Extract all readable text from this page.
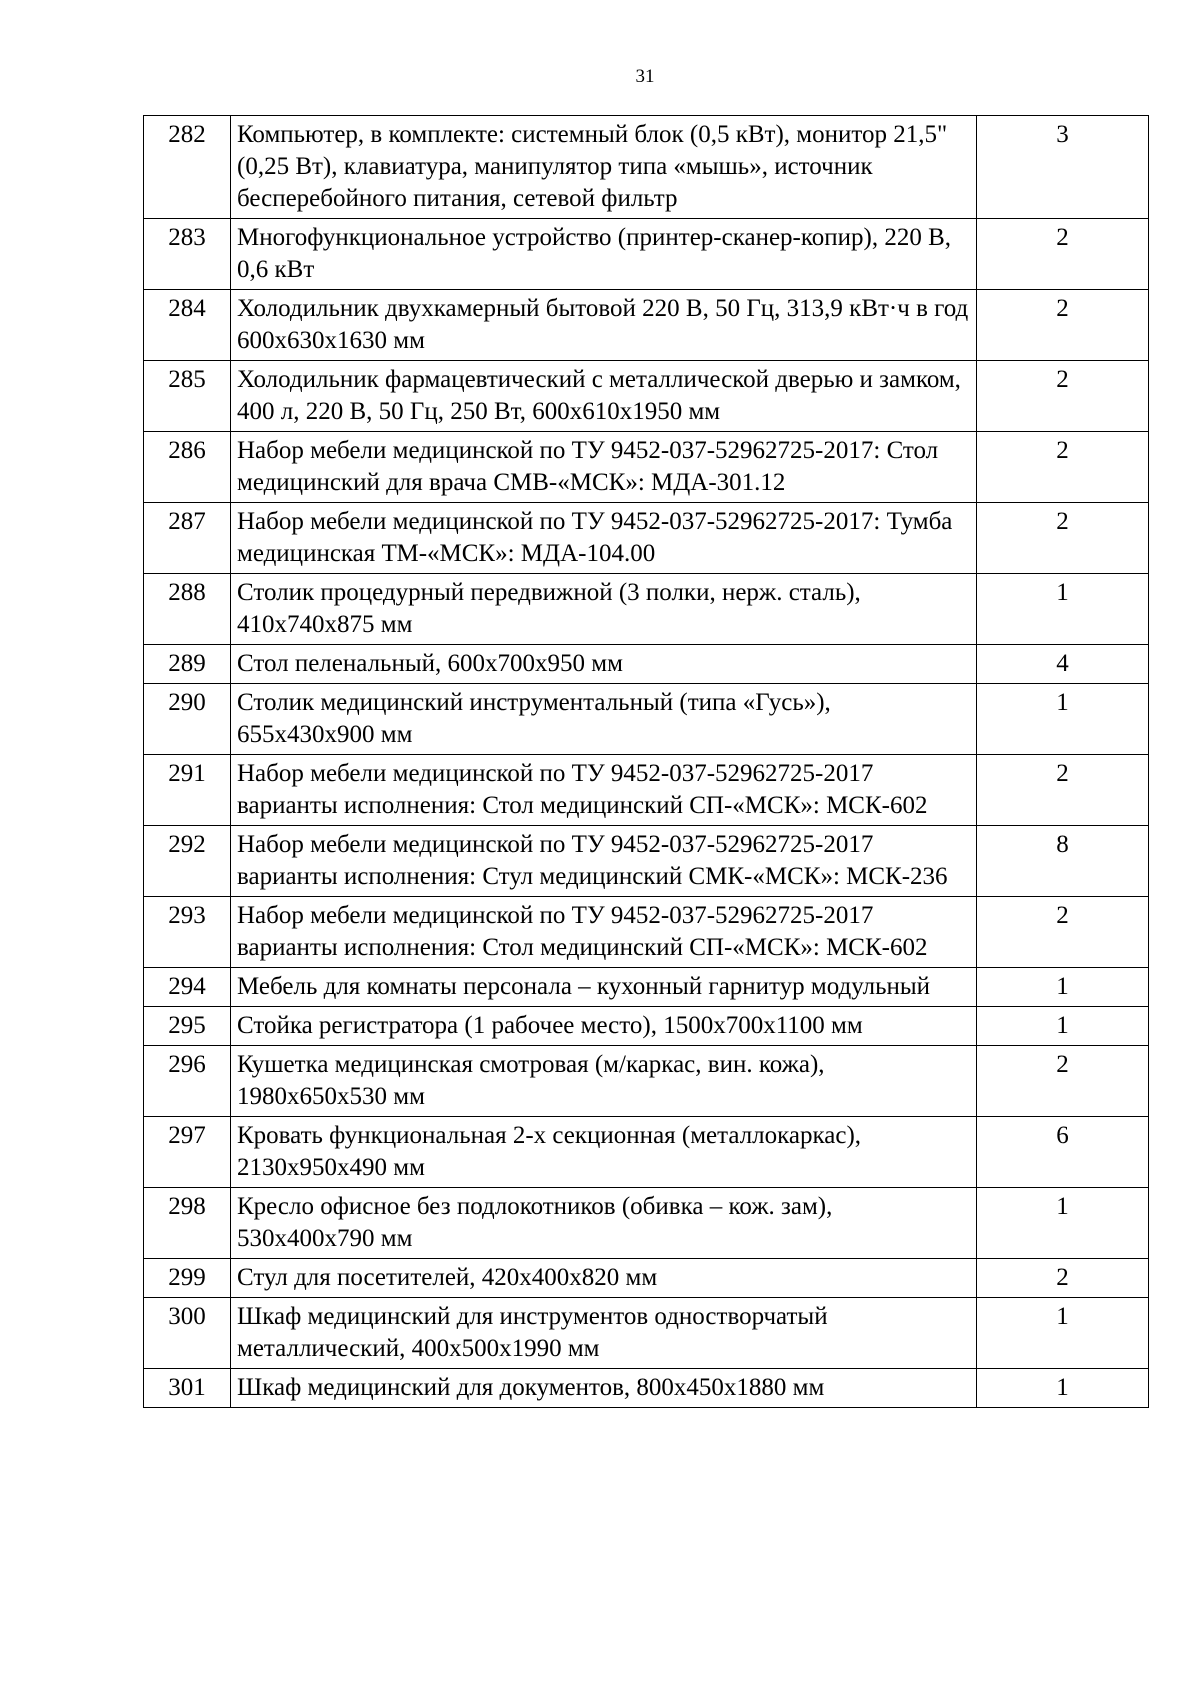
31
282	Компьютер, в комплекте: системный блок (0,5 кВт), монитор 21,5" (0,25 Вт), клавиатура, манипулятор типа «мышь», источник бесперебойного питания, сетевой фильтр	3
283	Многофункциональное устройство (принтер-сканер-копир), 220 В, 0,6 кВт	2
284	Холодильник двухкамерный бытовой 220 В, 50 Гц, 313,9 кВт·ч в год 600х630х1630 мм	2
285	Холодильник фармацевтический с металлической дверью и замком, 400 л, 220 В, 50 Гц, 250 Вт, 600х610х1950 мм	2
286	Набор мебели медицинской по ТУ 9452-037-52962725-2017: Стол медицинский для врача СМВ-«МСК»: МДА-301.12	2
287	Набор мебели медицинской по ТУ 9452-037-52962725-2017: Тумба медицинская ТМ-«МСК»: МДА-104.00	2
288	Столик процедурный передвижной (3 полки, нерж. сталь), 410х740х875 мм	1
289	Стол пеленальный, 600х700х950 мм	4
290	Столик медицинский инструментальный (типа «Гусь»), 655х430х900 мм	1
291	Набор мебели медицинской по ТУ 9452-037-52962725-2017 варианты исполнения: Стол медицинский СП-«МСК»: МСК-602	2
292	Набор мебели медицинской по ТУ 9452-037-52962725-2017 варианты исполнения: Стул медицинский СМК-«МСК»: МСК-236	8
293	Набор мебели медицинской по ТУ 9452-037-52962725-2017 варианты исполнения: Стол медицинский СП-«МСК»: МСК-602	2
294	Мебель для комнаты персонала – кухонный гарнитур модульный	1
295	Стойка регистратора (1 рабочее место), 1500х700х1100 мм	1
296	Кушетка медицинская смотровая (м/каркас, вин. кожа), 1980х650х530 мм	2
297	Кровать функциональная 2-х секционная (металлокаркас), 2130х950х490 мм	6
298	Кресло офисное без подлокотников (обивка – кож. зам), 530х400х790 мм	1
299	Стул для посетителей, 420х400х820 мм	2
300	Шкаф медицинский для инструментов одностворчатый металлический, 400х500х1990 мм	1
301	Шкаф медицинский для документов, 800х450х1880 мм	1
